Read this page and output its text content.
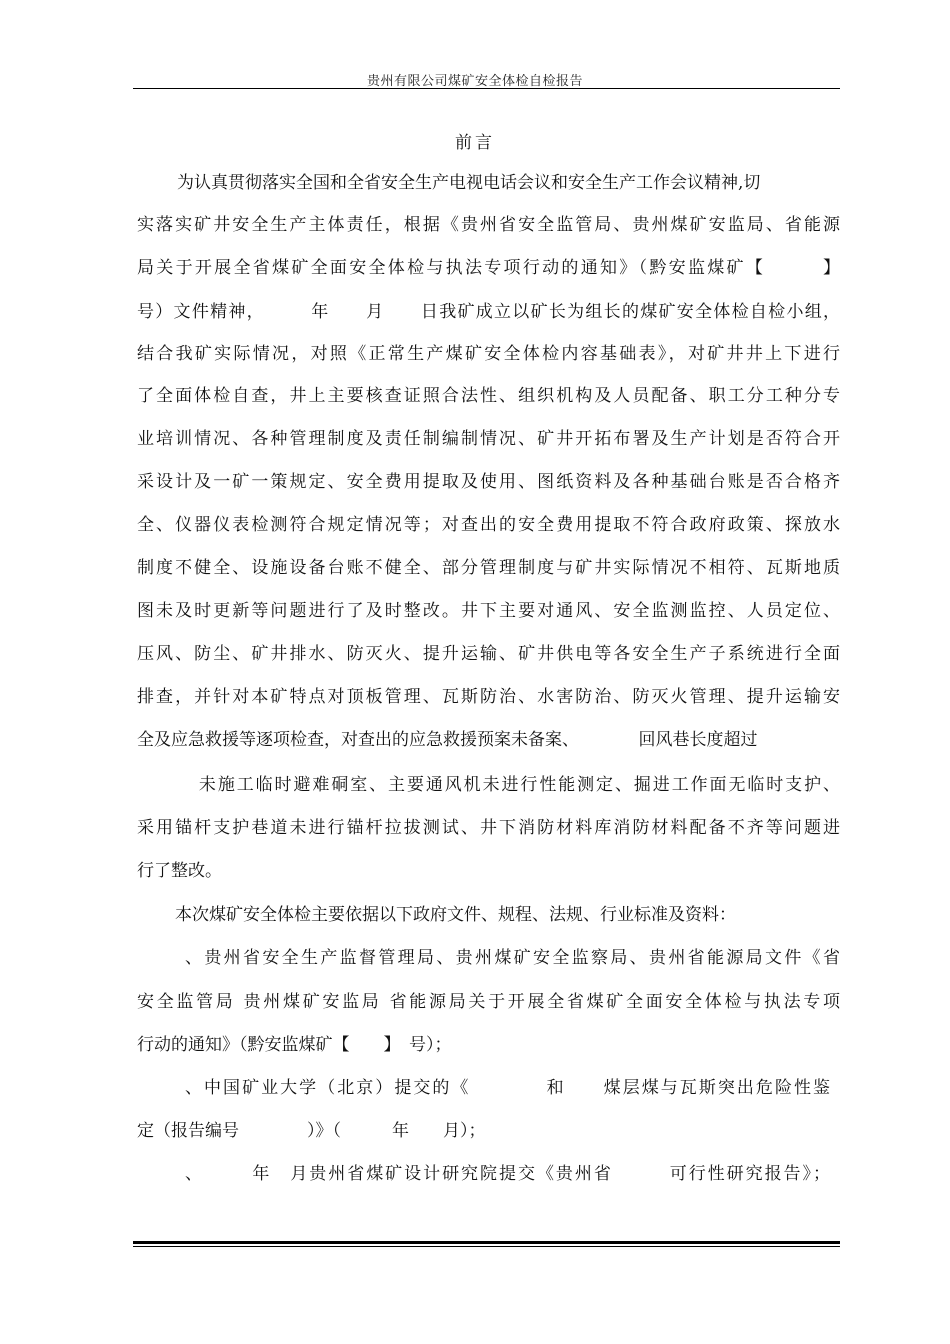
贵州有限公司煤矿安全体检自检报告
前言
为认真贯彻落实全国和全省安全生产电视电话会议和安全生产工作会议精神,切
实落实矿井安全生产主体责任，根据《贵州省安全监管局、贵州煤矿安监局、省能源
局关于开展全省煤矿全面安全体检与执法专项行动的通知》（黔安监煤矿【　　　】
号）文件精神，　　　年　　月　　日我矿成立以矿长为组长的煤矿安全体检自检小组，
结合我矿实际情况，对照《正常生产煤矿安全体检内容基础表》，对矿井井上下进行
了全面体检自查，井上主要核查证照合法性、组织机构及人员配备、职工分工种分专
业培训情况、各种管理制度及责任制编制情况、矿井开拓布署及生产计划是否符合开
采设计及一矿一策规定、安全费用提取及使用、图纸资料及各种基础台账是否合格齐
全、仪器仪表检测符合规定情况等；对查出的安全费用提取不符合政府政策、探放水
制度不健全、设施设备台账不健全、部分管理制度与矿井实际情况不相符、瓦斯地质
图未及时更新等问题进行了及时整改。井下主要对通风、安全监测监控、人员定位、
压风、防尘、矿井排水、防灭火、提升运输、矿井供电等各安全生产子系统进行全面
排查，并针对本矿特点对顶板管理、瓦斯防治、水害防治、防灭火管理、提升运输安
全及应急救援等逐项检查，对查出的应急救援预案未备案、　　　　回风巷长度超过
　未施工临时避难硐室、主要通风机未进行性能测定、掘进工作面无临时支护、
采用锚杆支护巷道未进行锚杆拉拔测试、井下消防材料库消防材料配备不齐等问题进
行了整改。
本次煤矿安全体检主要依据以下政府文件、规程、法规、行业标准及资料：
、贵州省安全生产监督管理局、贵州煤矿安全监察局、贵州省能源局文件《省
安全监管局 贵州煤矿安监局 省能源局关于开展全省煤矿全面安全体检与执法专项
行动的通知》（黔安监煤矿【　　】　号）；
、中国矿业大学（北京）提交的《　　　　和　　煤层煤与瓦斯突出危险性鉴
定（报告编号　　　　）》（　　　年　　月）；
、　　　年　月贵州省煤矿设计研究院提交《贵州省　　　可行性研究报告》；
